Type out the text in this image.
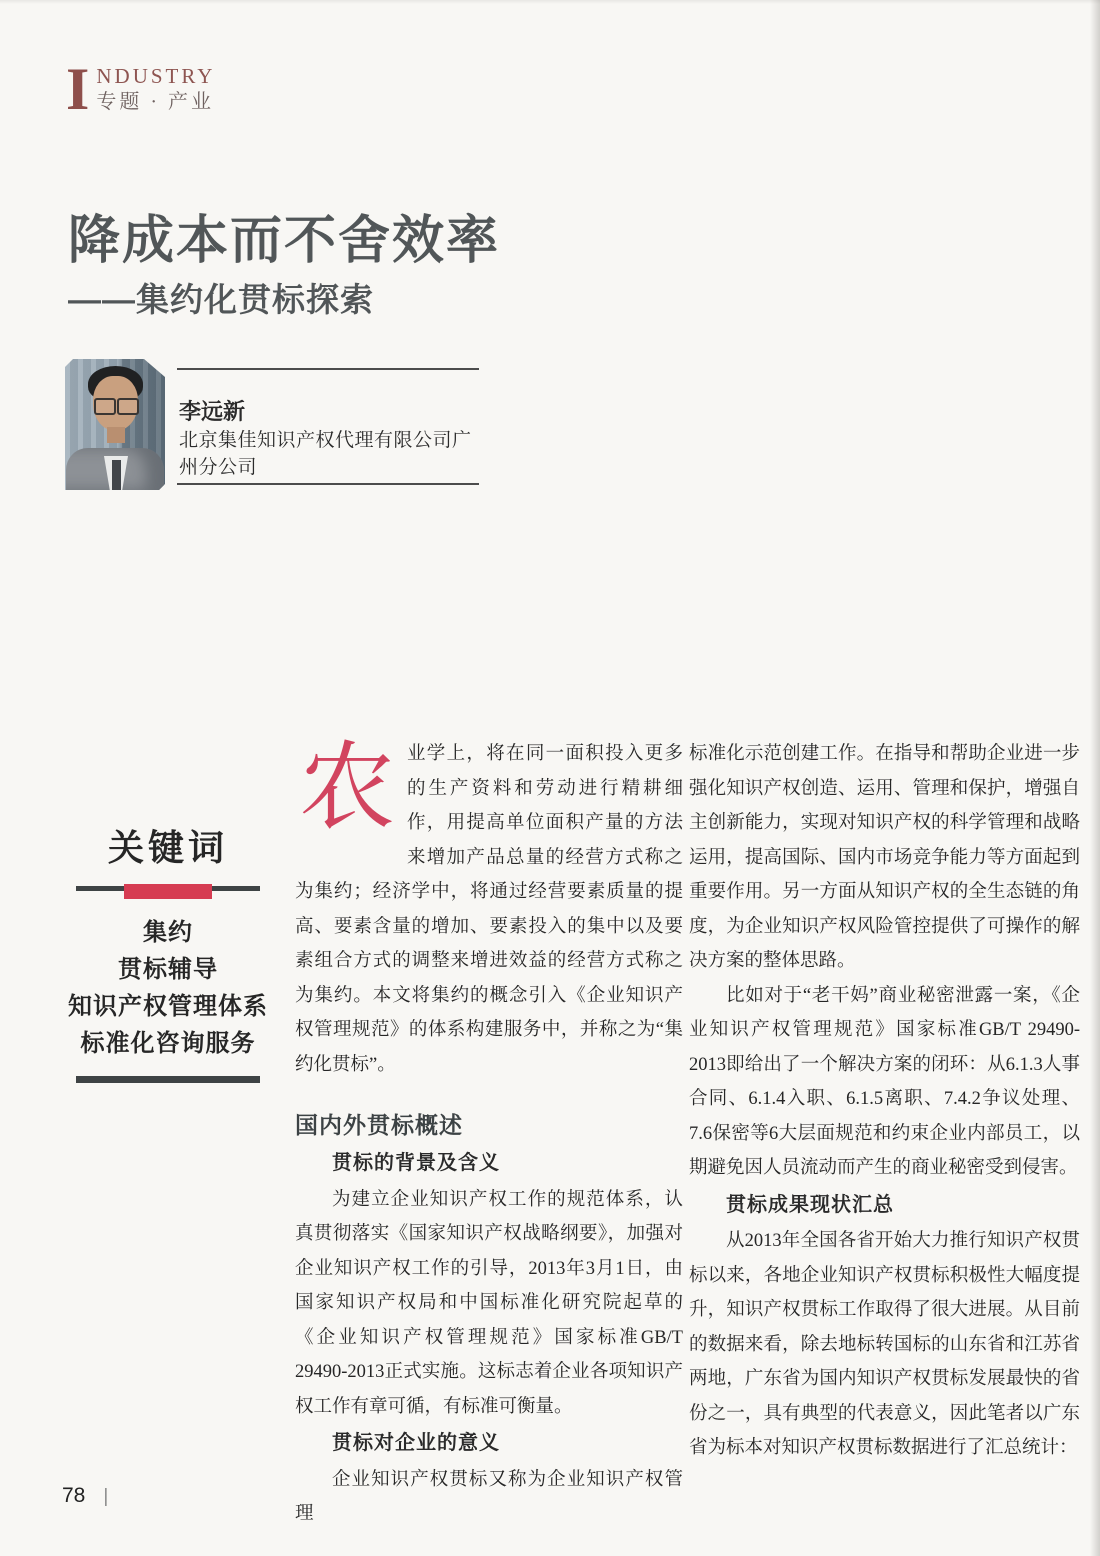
I NDUSTRY
专题 · 产业
降成本而不舍效率
——集约化贯标探索
李远新
北京集佳知识产权代理有限公司广州分公司
关键词
集约
贯标辅导
知识产权管理体系
标准化咨询服务

农业学上，将在同一面积投入更多的生产资料和劳动进行精耕细作，用提高单位面积产量的方法来增加产品总量的经营方式称之为集约；经济学中，将通过经营要素质量的提高、要素含量的增加、要素投入的集中以及要素组合方式的调整来增进效益的经营方式称之为集约。本文将集约的概念引入《企业知识产权管理规范》的体系构建服务中，并称之为“集约化贯标”。

国内外贯标概述
贯标的背景及含义

为建立企业知识产权工作的规范体系，认真贯彻落实《国家知识产权战略纲要》，加强对企业知识产权工作的引导，2013年3月1日，由国家知识产权局和中国标准化研究院起草的《企业知识产权管理规范》国家标准GB/T 29490-2013正式实施。这标志着企业各项知识产权工作有章可循，有标准可衡量。

贯标对企业的意义

企业知识产权贯标又称为企业知识产权管理

标准化示范创建工作。在指导和帮助企业进一步强化知识产权创造、运用、管理和保护，增强自主创新能力，实现对知识产权的科学管理和战略运用，提高国际、国内市场竞争能力等方面起到重要作用。另一方面从知识产权的全生态链的角度，为企业知识产权风险管控提供了可操作的解决方案的整体思路。

比如对于“老干妈”商业秘密泄露一案，《企业知识产权管理规范》国家标准GB/T 29490-2013即给出了一个解决方案的闭环：从6.1.3人事合同、6.1.4入职、6.1.5离职、7.4.2争议处理、7.6保密等6大层面规范和约束企业内部员工，以期避免因人员流动而产生的商业秘密受到侵害。

贯标成果现状汇总

从2013年全国各省开始大力推行知识产权贯标以来，各地企业知识产权贯标积极性大幅度提升，知识产权贯标工作取得了很大进展。从目前的数据来看，除去地标转国标的山东省和江苏省两地，广东省为国内知识产权贯标发展最快的省份之一，具有典型的代表意义，因此笔者以广东省为标本对知识产权贯标数据进行了汇总统计：

78 |
